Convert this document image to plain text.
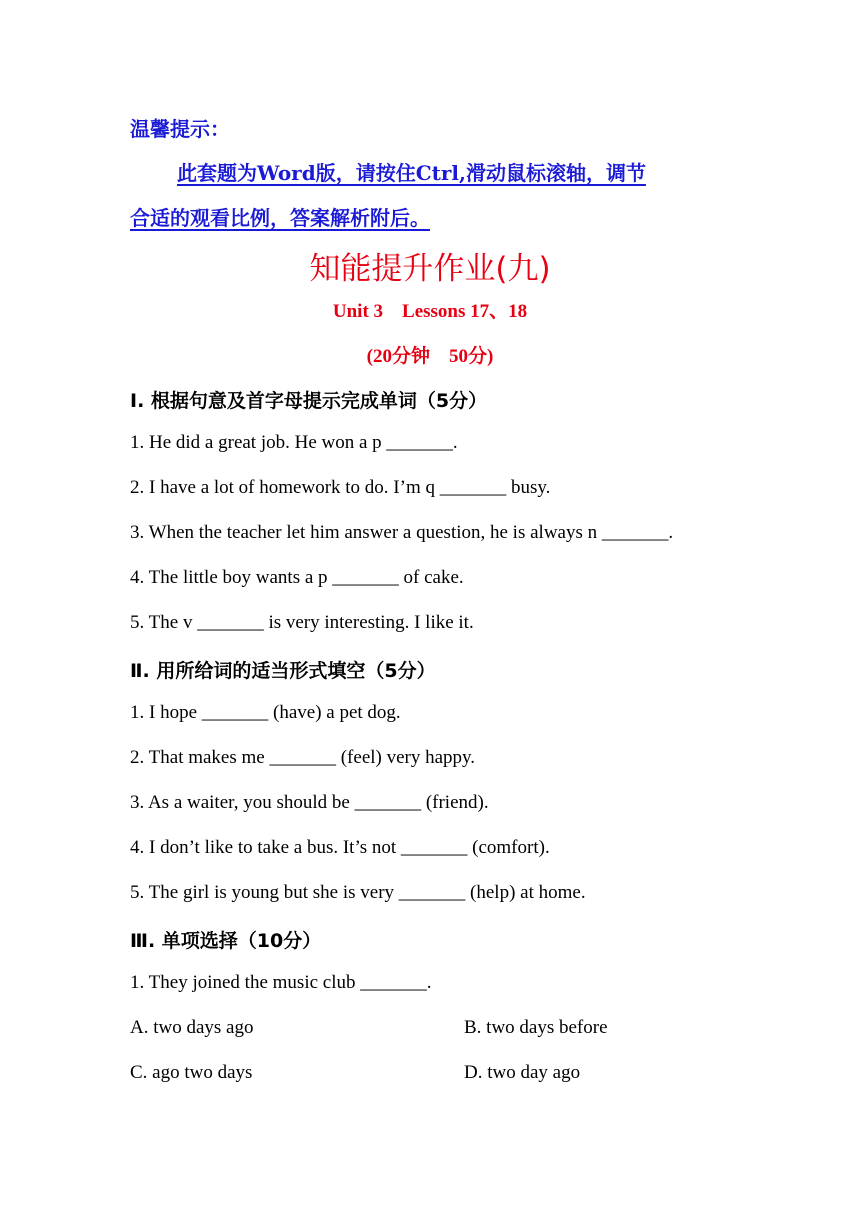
温馨提示：
此套题为Word版，请按住Ctrl,滑动鼠标滚轴，调节
合适的观看比例，答案解析附后。
知能提升作业(九)
Unit 3　Lessons 17、18
(20分钟　50分)
Ⅰ. 根据句意及首字母提示完成单词（5分）
1. He did a great job. He won a p _______.
2. I have a lot of homework to do. I’m q _______ busy.
3. When the teacher let him answer a question, he is always n _______.
4. The little boy wants a p _______ of cake.
5. The v _______ is very interesting. I like it.
Ⅱ. 用所给词的适当形式填空（5分）
1. I hope _______ (have) a pet dog.
2. That makes me _______ (feel) very happy.
3. As a waiter, you should be _______ (friend).
4. I don’t like to take a bus. It’s not _______ (comfort).
5. The girl is young but she is very _______ (help) at home.
Ⅲ. 单项选择（10分）
1. They joined the music club _______.
A. two days ago	B. two days before
C. ago two days	D. two day ago
